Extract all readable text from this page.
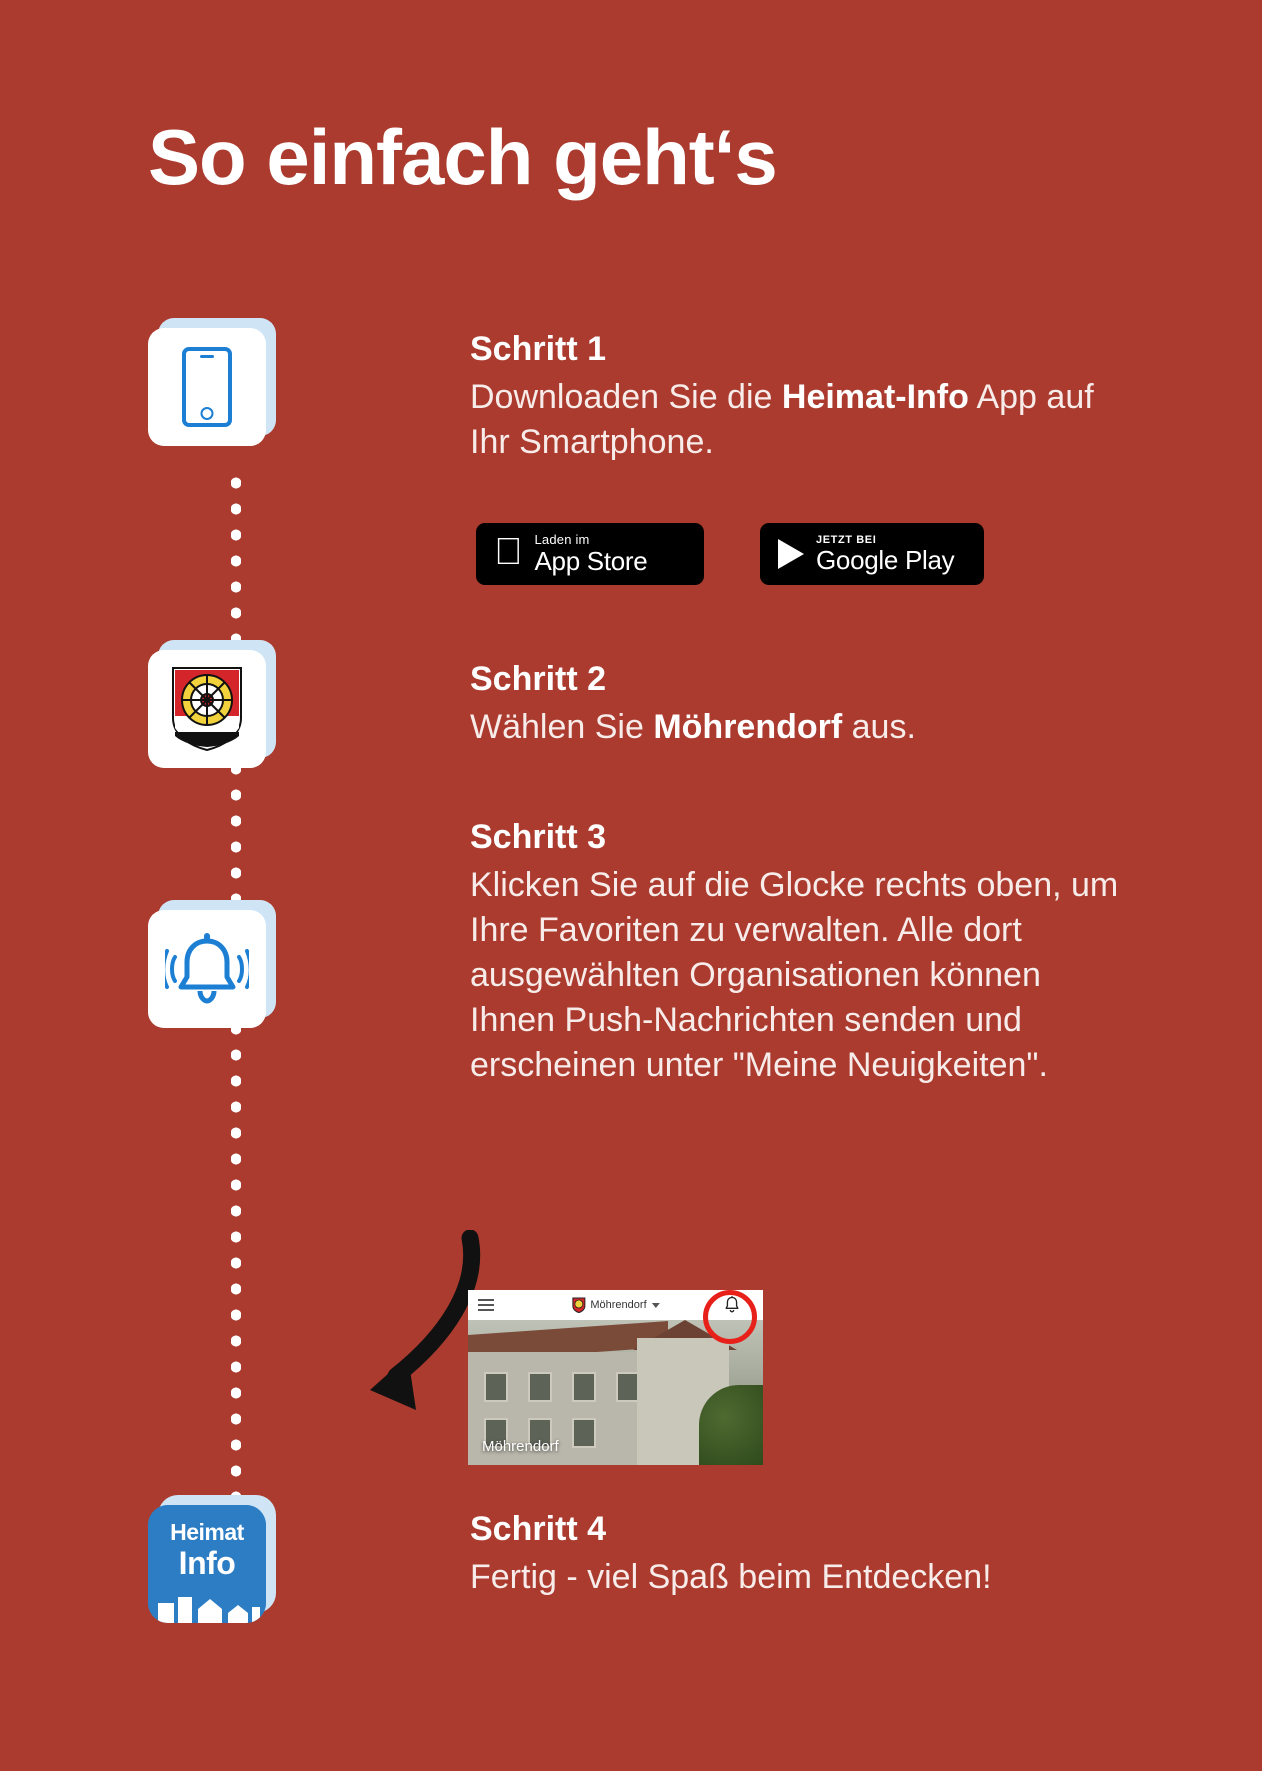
So einfach geht‘s
Heimat
Info
Schritt 1
Downloaden Sie die Heimat-Info App auf Ihr Smartphone.
Laden im
App Store
JETZT BEI
Google Play
Schritt 2
Wählen Sie Möhrendorf aus.
Schritt 3
Klicken Sie auf die Glocke rechts oben, um Ihre Favoriten zu verwalten. Alle dort ausgewählten Organisationen können Ihnen Push-Nachrichten senden und erscheinen unter "Meine Neuigkeiten".
Möhrendorf
Möhrendorf
Schritt 4
Fertig - viel Spaß beim Entdecken!
